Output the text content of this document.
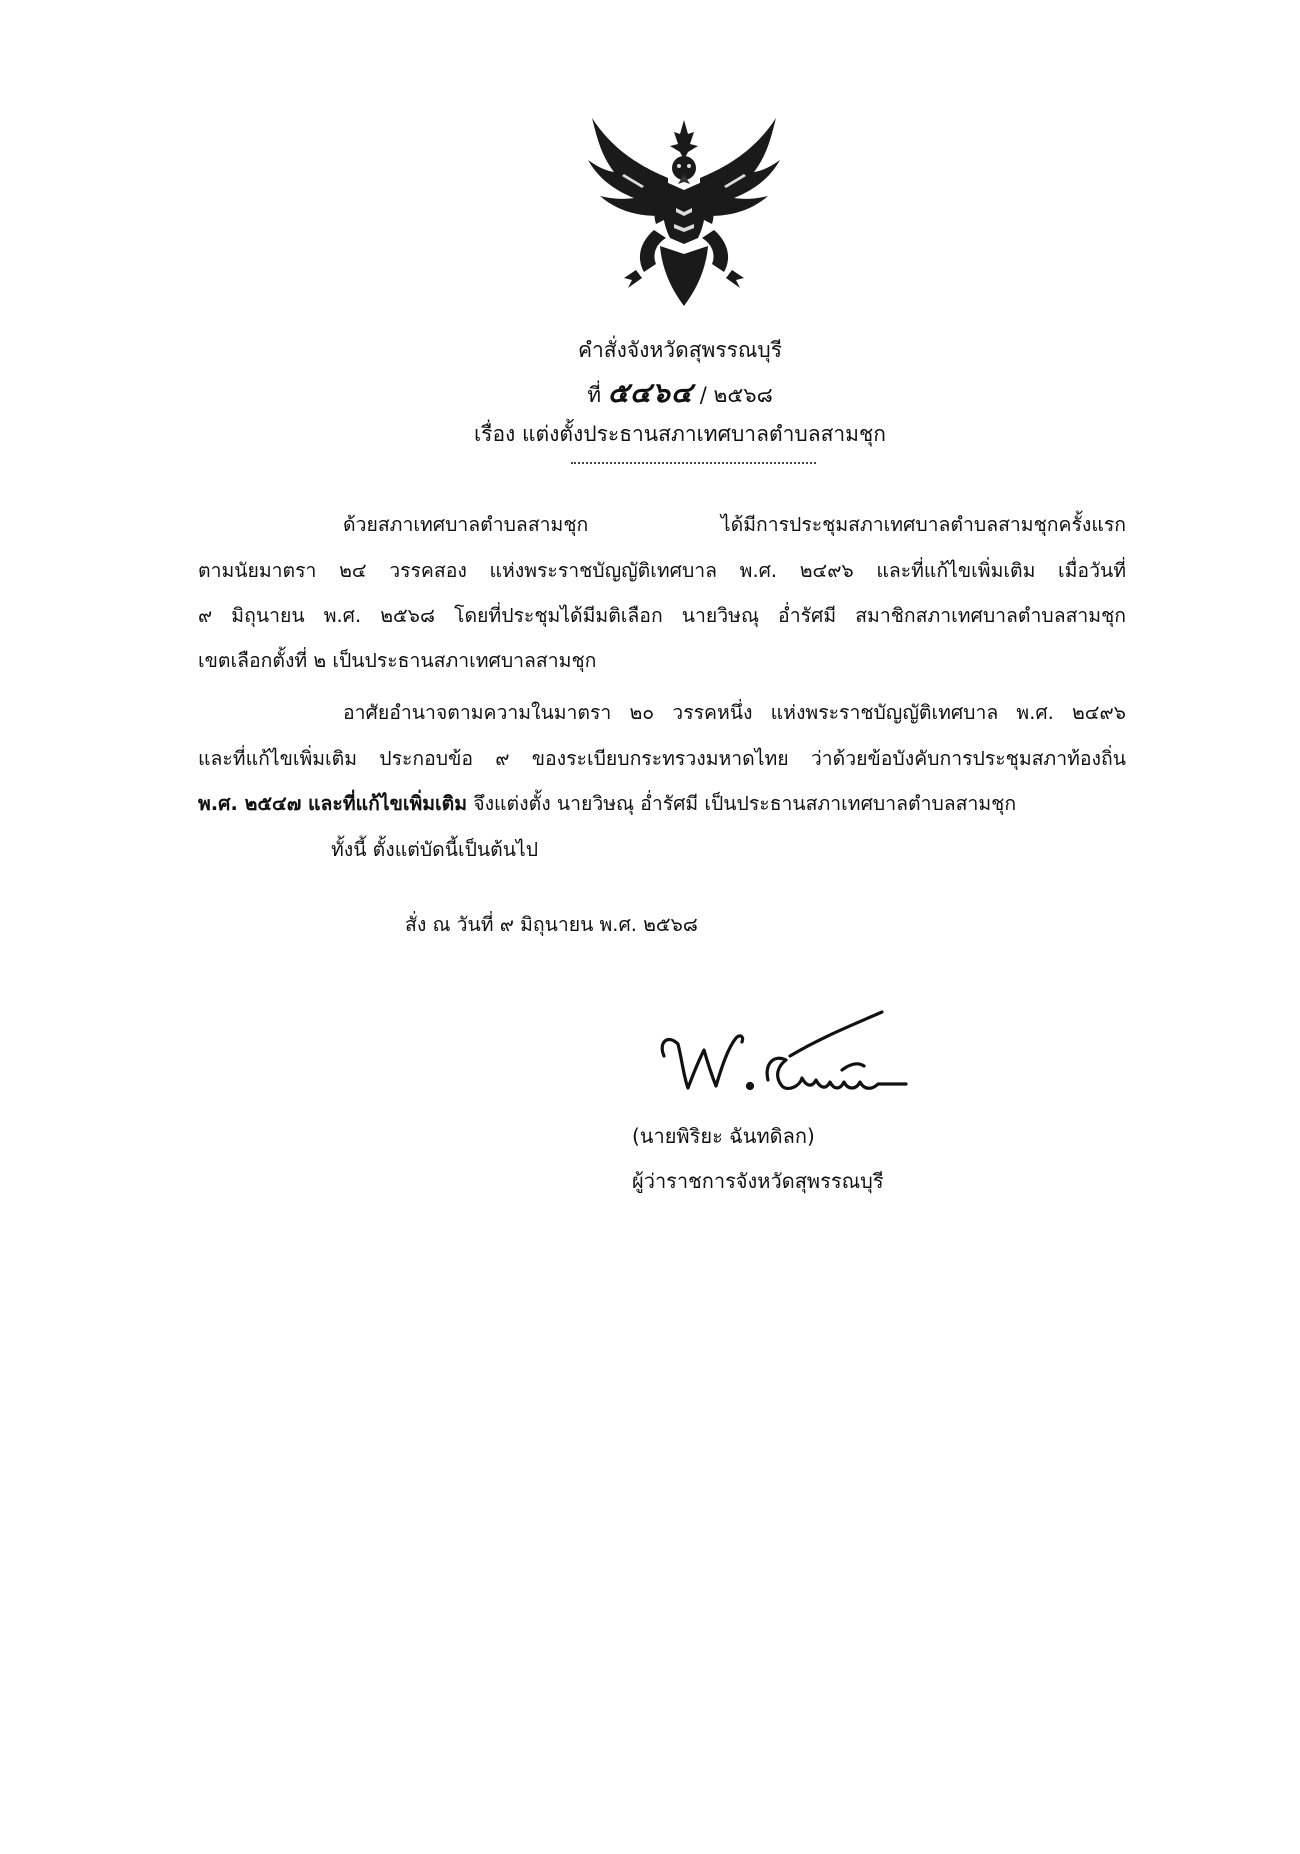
คำสั่งจังหวัดสุพรรณบุรี
ที่ ๕๔๖๔ / ๒๕๖๘
เรื่อง แต่งตั้งประธานสภาเทศบาลตำบลสามชุก
ด้วยสภาเทศบาลตำบลสามชุก ได้มีการประชุมสภาเทศบาลตำบลสามชุกครั้งแรก
ตามนัยมาตรา ๒๔ วรรคสอง แห่งพระราชบัญญัติเทศบาล พ.ศ. ๒๔๙๖ และที่แก้ไขเพิ่มเติม เมื่อวันที่
๙ มิถุนายน พ.ศ. ๒๕๖๘ โดยที่ประชุมได้มีมติเลือก นายวิษณุ อ่ำรัศมี สมาชิกสภาเทศบาลตำบลสามชุก
เขตเลือกตั้งที่ ๒ เป็นประธานสภาเทศบาลสามชุก
อาศัยอำนาจตามความในมาตรา ๒๐ วรรคหนึ่ง แห่งพระราชบัญญัติเทศบาล พ.ศ. ๒๔๙๖
และที่แก้ไขเพิ่มเติม ประกอบข้อ ๙ ของระเบียบกระทรวงมหาดไทย ว่าด้วยข้อบังคับการประชุมสภาท้องถิ่น
พ.ศ. ๒๕๔๗ และที่แก้ไขเพิ่มเติม จึงแต่งตั้ง นายวิษณุ อ่ำรัศมี เป็นประธานสภาเทศบาลตำบลสามชุก
ทั้งนี้ ตั้งแต่บัดนี้เป็นต้นไป
สั่ง ณ วันที่ ๙ มิถุนายน พ.ศ. ๒๕๖๘
(นายพิริยะ ฉันทดิลก)
ผู้ว่าราชการจังหวัดสุพรรณบุรี
